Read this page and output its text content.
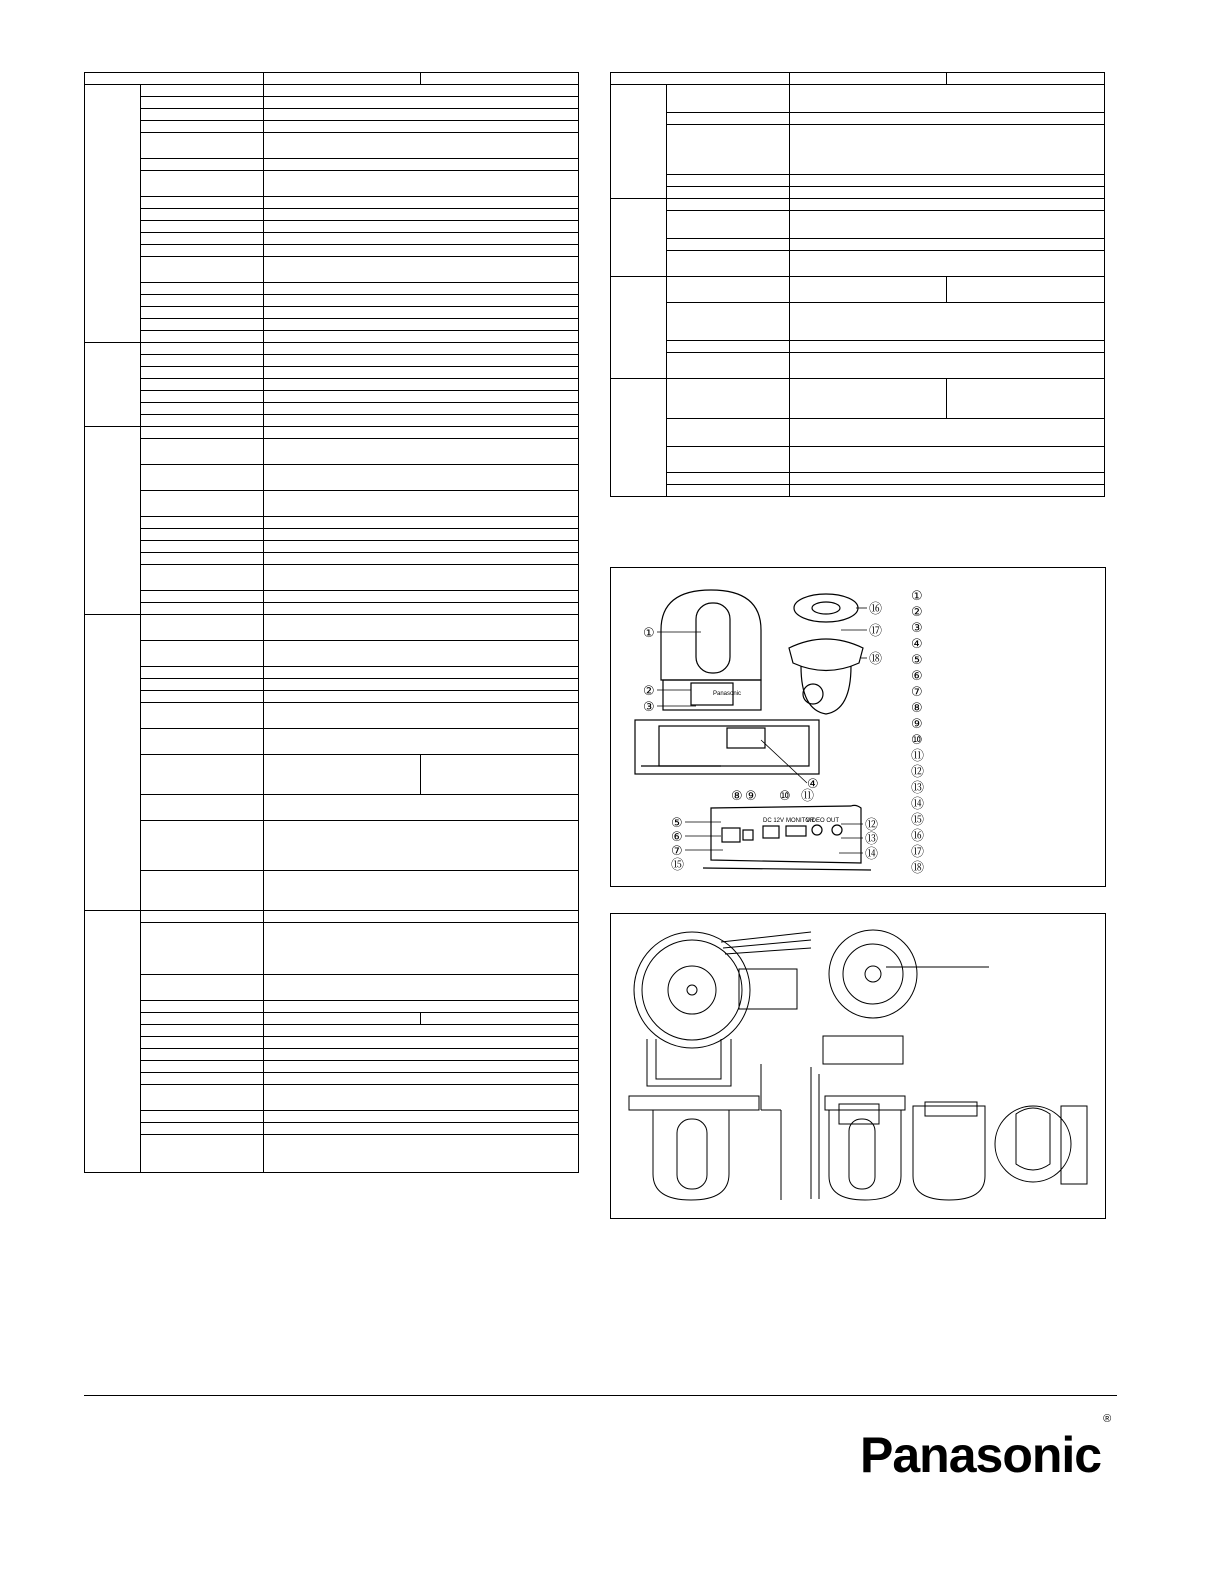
Panasonic
VIDEO OUT
MONITOR
DC 12V
①
②
③
④
⑤
⑥
⑦
⑧ ⑨ ⑩ ⑪
⑫
⑬
⑭
⑮
⑯
⑰
⑱
①
②
③
④
⑤
⑥
⑦
⑧
⑨
⑩
⑪
⑫
⑬
⑭
⑮
⑯
⑰
⑱
Panasonic®
